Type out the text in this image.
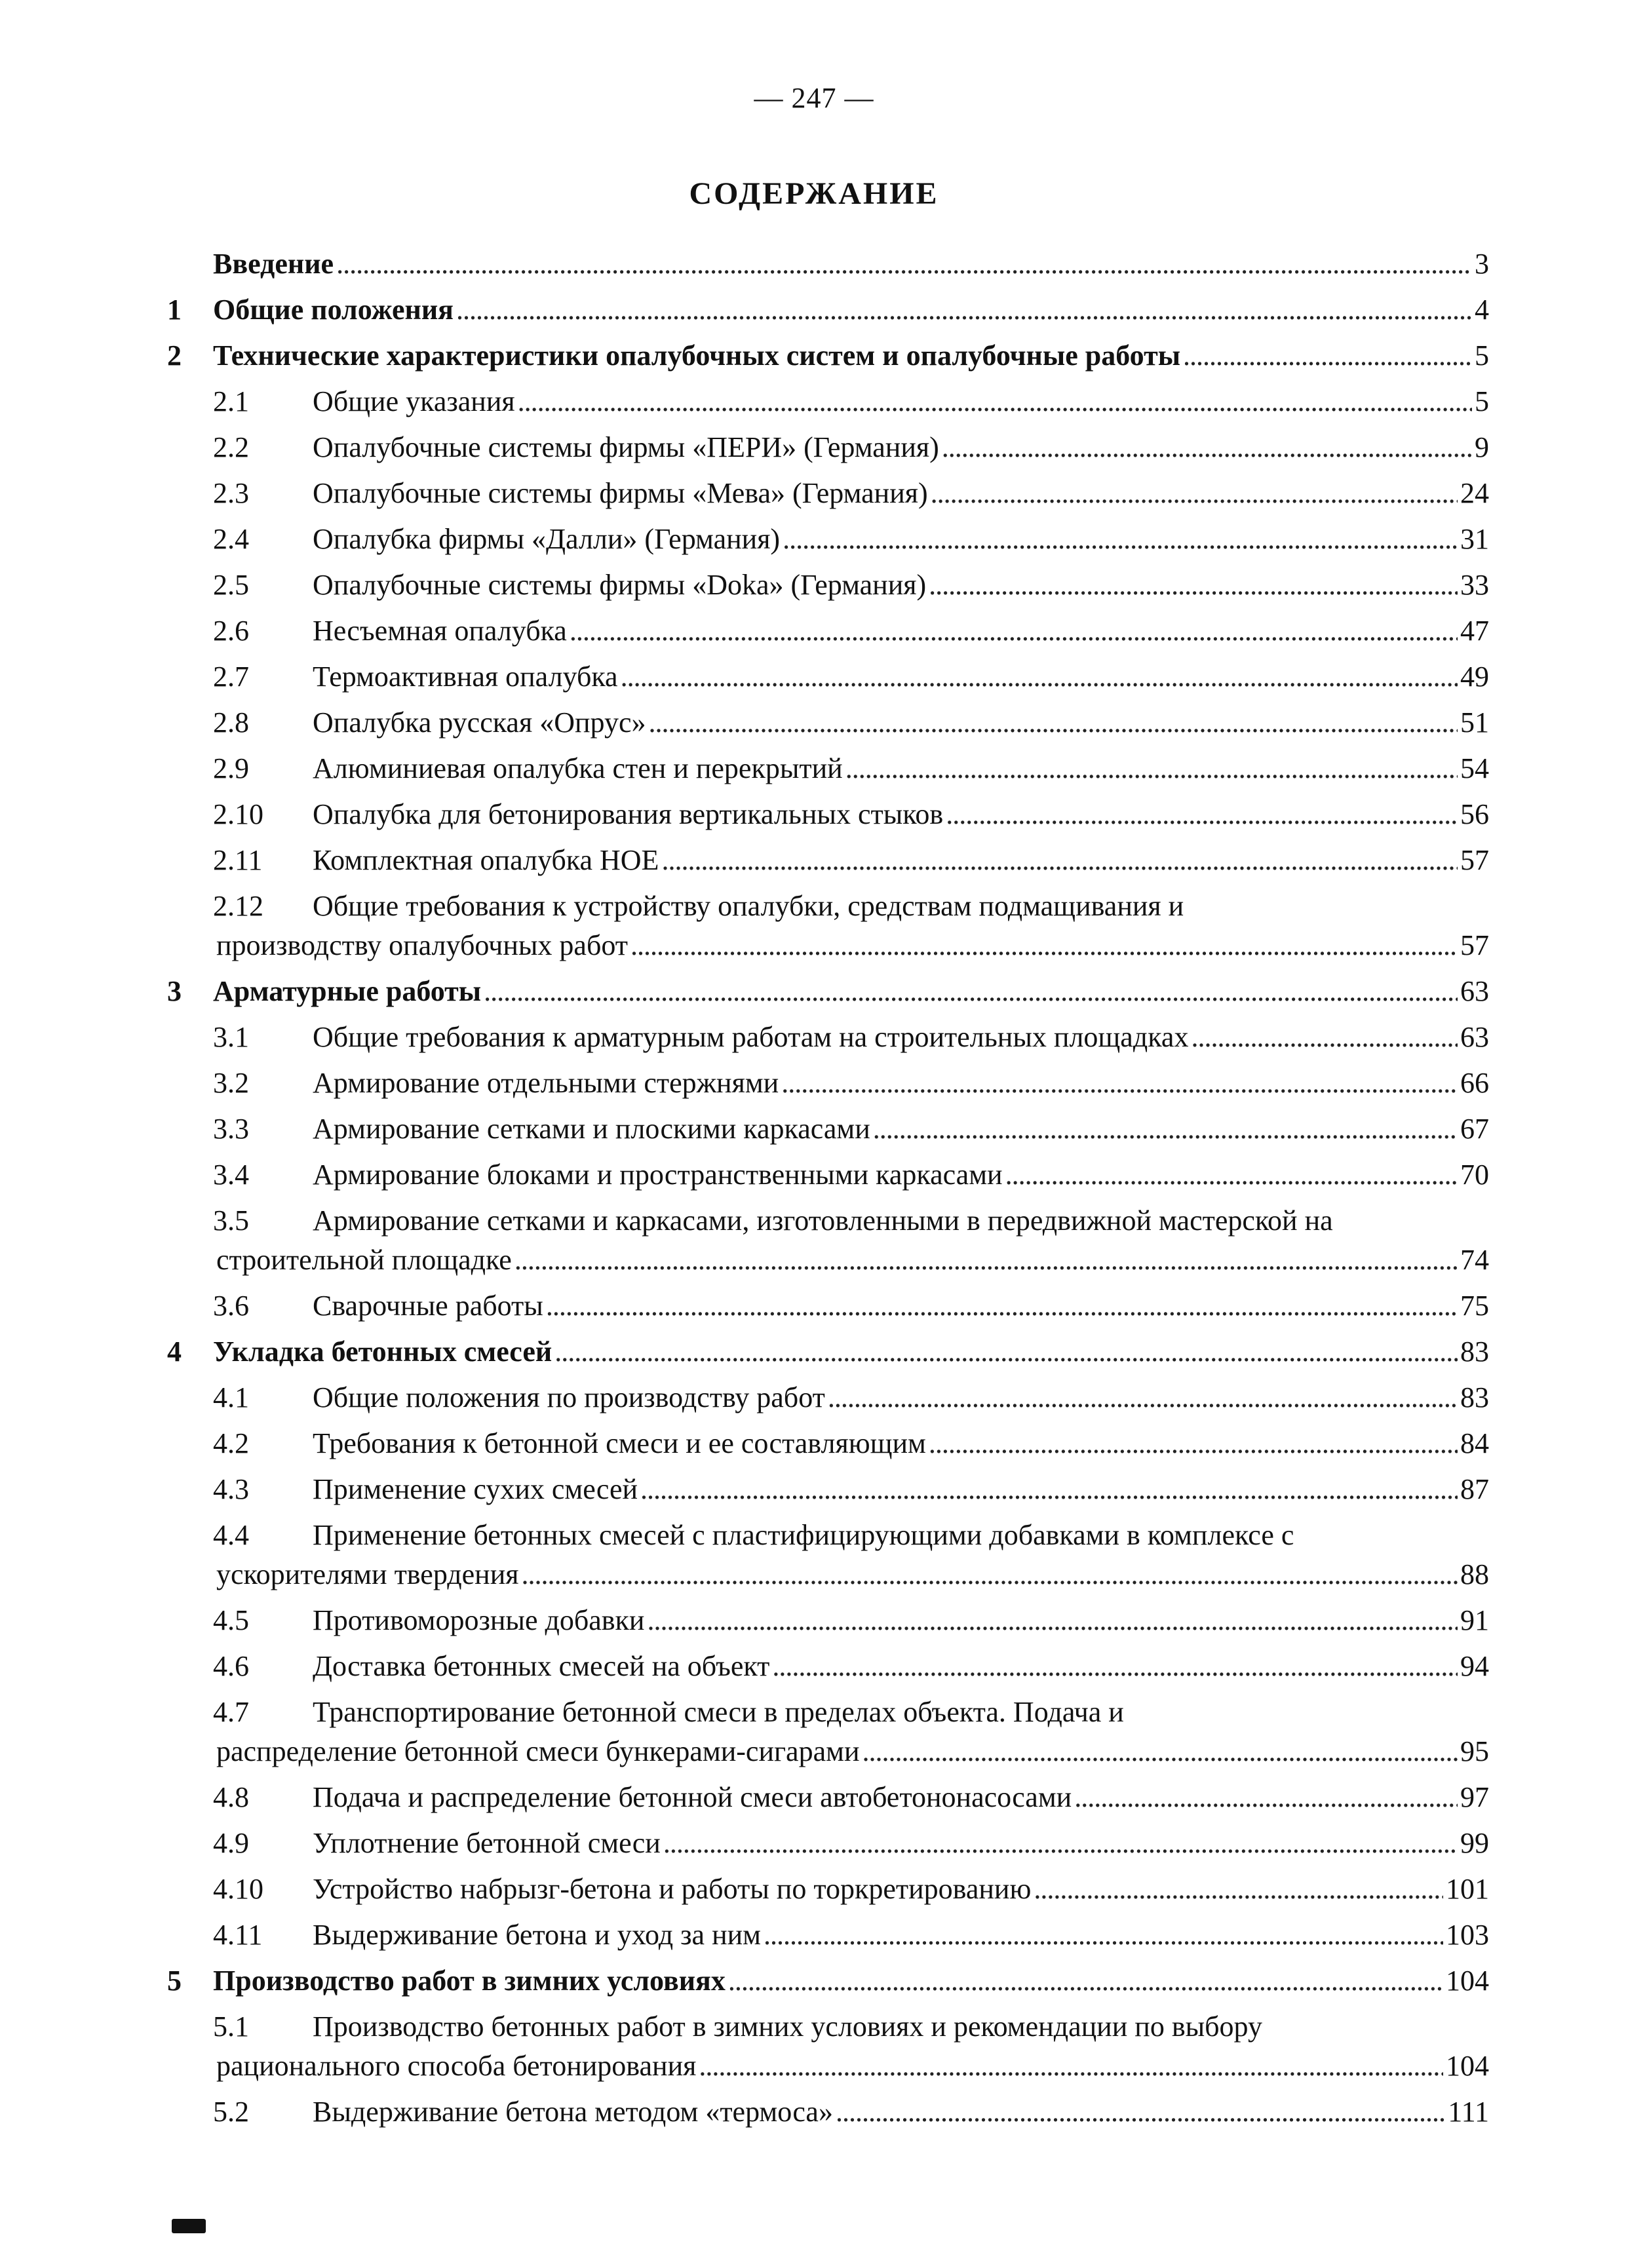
— 247 —
СОДЕРЖАНИЕ
Введение . . .	3
1 Общие положения . . .	4
2 Технические характеристики опалубочных систем и опалубочные работы . . .	5
2.1 Общие указания . . .	5
2.2 Опалубочные системы фирмы «ПЕРИ» (Германия) . . .	9
2.3 Опалубочные системы фирмы «Мева» (Германия) . . .	24
2.4 Опалубка фирмы «Далли» (Германия) . . .	31
2.5 Опалубочные системы фирмы «Doka» (Германия) . . .	33
2.6 Несъемная опалубка . . .	47
2.7 Термоактивная опалубка . . .	49
2.8 Опалубка русская «Опрус» . . .	51
2.9 Алюминиевая опалубка стен и перекрытий . . .	54
2.10 Опалубка для бетонирования вертикальных стыков . . .	56
2.11 Комплектная опалубка НОЕ . . .	57
2.12 Общие требования к устройству опалубки, средствам подмащивания и
производству опалубочных работ . . .	57
3 Арматурные работы . . .	63
3.1 Общие требования к арматурным работам на строительных площадках . . .	63
3.2 Армирование отдельными стержнями . . .	66
3.3 Армирование сетками и плоскими каркасами . . .	67
3.4 Армирование блоками и пространственными каркасами . . .	70
3.5 Армирование сетками и каркасами, изготовленными в передвижной мастерской на
строительной площадке . . .	74
3.6 Сварочные работы . . .	75
4 Укладка бетонных смесей . . .	83
4.1 Общие положения по производству работ . . .	83
4.2 Требования к бетонной смеси и ее составляющим . . .	84
4.3 Применение сухих смесей . . .	87
4.4 Применение бетонных смесей с пластифицирующими добавками в комплексе с
ускорителями твердения . . .	88
4.5 Противоморозные добавки . . .	91
4.6 Доставка бетонных смесей на объект . . .	94
4.7 Транспортирование бетонной смеси в пределах объекта. Подача и
распределение бетонной смеси бункерами-сигарами . . .	95
4.8 Подача и распределение бетонной смеси автобетононасосами . . .	97
4.9 Уплотнение бетонной смеси . . .	99
4.10 Устройство набрызг-бетона и работы по торкретированию . . .	101
4.11 Выдерживание бетона и уход за ним . . .	103
5 Производство работ в зимних условиях . . .	104
5.1 Производство бетонных работ в зимних условиях и рекомендации по выбору
рационального способа бетонирования . . .	104
5.2 Выдерживание бетона методом «термоса» . . .	111
